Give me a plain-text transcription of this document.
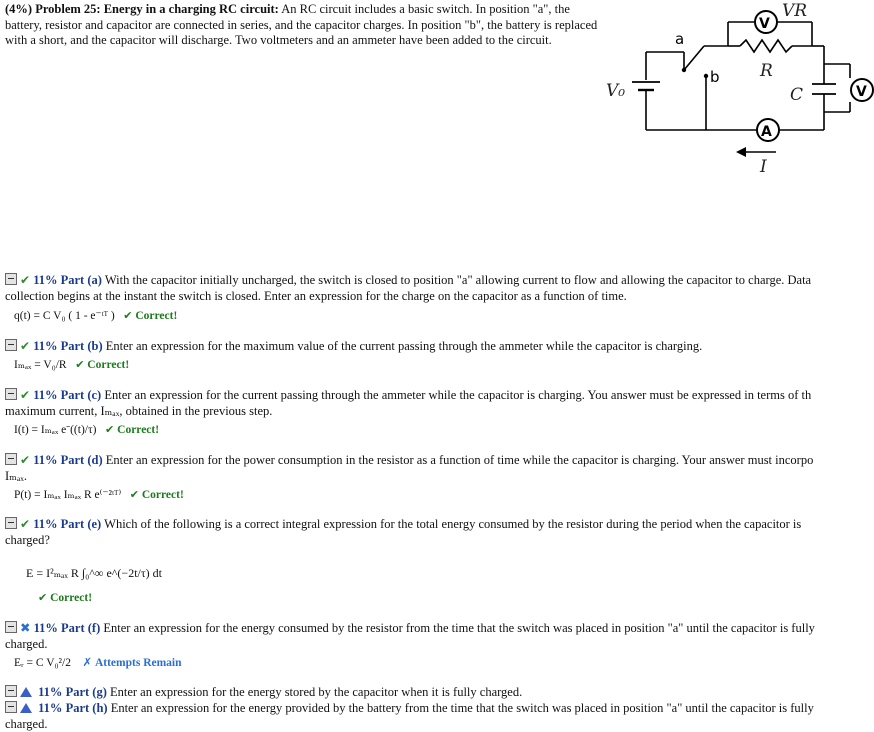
(4%) Problem 25: Energy in a charging RC circuit: An RC circuit includes a basic switch. In position "a", the battery, resistor and capacitor are connected in series, and the capacitor charges. In position "b", the battery is replaced with a short, and the capacitor will discharge. Two voltmeters and an ammeter have been added to the circuit.	a
b
V
A
V
VR
R
C
V₀
I
✔ 11% Part (a) With the capacitor initially uncharged, the switch is closed to position "a" allowing current to flow and allowing the capacitor to charge. Data
collection begins at the instant the switch is closed. Enter an expression for the charge on the capacitor as a function of time.
q(t) = C V₀ ( 1 - e⁻ᵗᵀ ) ✔ Correct!
✔ 11% Part (b) Enter an expression for the maximum value of the current passing through the ammeter while the capacitor is charging.
Iₘₐₓ = V₀/R ✔ Correct!
✔ 11% Part (c) Enter an expression for the current passing through the ammeter while the capacitor is charging. You answer must be expressed in terms of th
maximum current, Iₘₐₓ, obtained in the previous step.
I(t) = Iₘₐₓ eˉ((t)/τ) ✔ Correct!
✔ 11% Part (d) Enter an expression for the power consumption in the resistor as a function of time while the capacitor is charging. Your answer must incorpo
Iₘₐₓ.
P(t) = Iₘₐₓ Iₘₐₓ R e⁽⁻²ᵗᵀ⁾ ✔ Correct!
✔ 11% Part (e) Which of the following is a correct integral expression for the total energy consumed by the resistor during the period when the capacitor is
charged?
E = I²ₘₐₓ R ∫₀^∞ e^(−2t/τ) dt
✔ Correct!
✖ 11% Part (f) Enter an expression for the energy consumed by the resistor from the time that the switch was placed in position "a" until the capacitor is fully
charged.
Eᵣ = C V₀²/2 ✗ Attempts Remain
11% Part (g) Enter an expression for the energy stored by the capacitor when it is fully charged.
11% Part (h) Enter an expression for the energy provided by the battery from the time that the switch was placed in position "a" until the capacitor is fully
charged.
